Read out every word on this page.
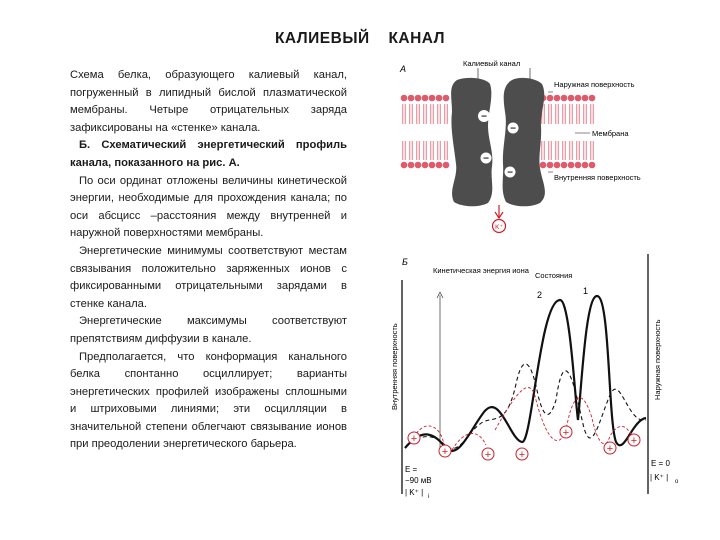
КАЛИЕВЫЙ КАНАЛ

Схема белка, образующего калиевый канал, погруженный в липидный бислой плазматической мембраны. Четыре отрицательных заряда зафиксированы на «стенке» канала.

Б. Схематический энергетический профиль канала, показанного на рис. А.

По оси ординат отложены величины кинетической энергии, необходимые для прохождения канала; по оси абсцисс –расстояния между внутренней и наружной поверхностями мембраны.

Энергетические минимумы соответствуют местам связывания положительно заряженных ионов с фиксированными отрицательными зарядами в стенке канала.

Энергетические максимумы соответствуют препятствиям диффузии в канале.

Предполагается, что конформация канального белка спонтанно осциллирует; варианты энергетических профилей изображены сплошными и штриховыми линиями; эти осцилляции в значительной степени облегчают связывание ионов при преодолении энергетического барьера.

А
Калиевый канал
−
−
−
−
K⁺
Наружная поверхность
Мембрана
Внутренняя поверхность
Б
Кинетическая энергия иона
Состояния
2	1
Внутренняя поверхность	Наружная поверхность
+
+	+	+
+
+
+
E =
−90 мВ
| K⁺ | i
E = 0
| K⁺ | o
